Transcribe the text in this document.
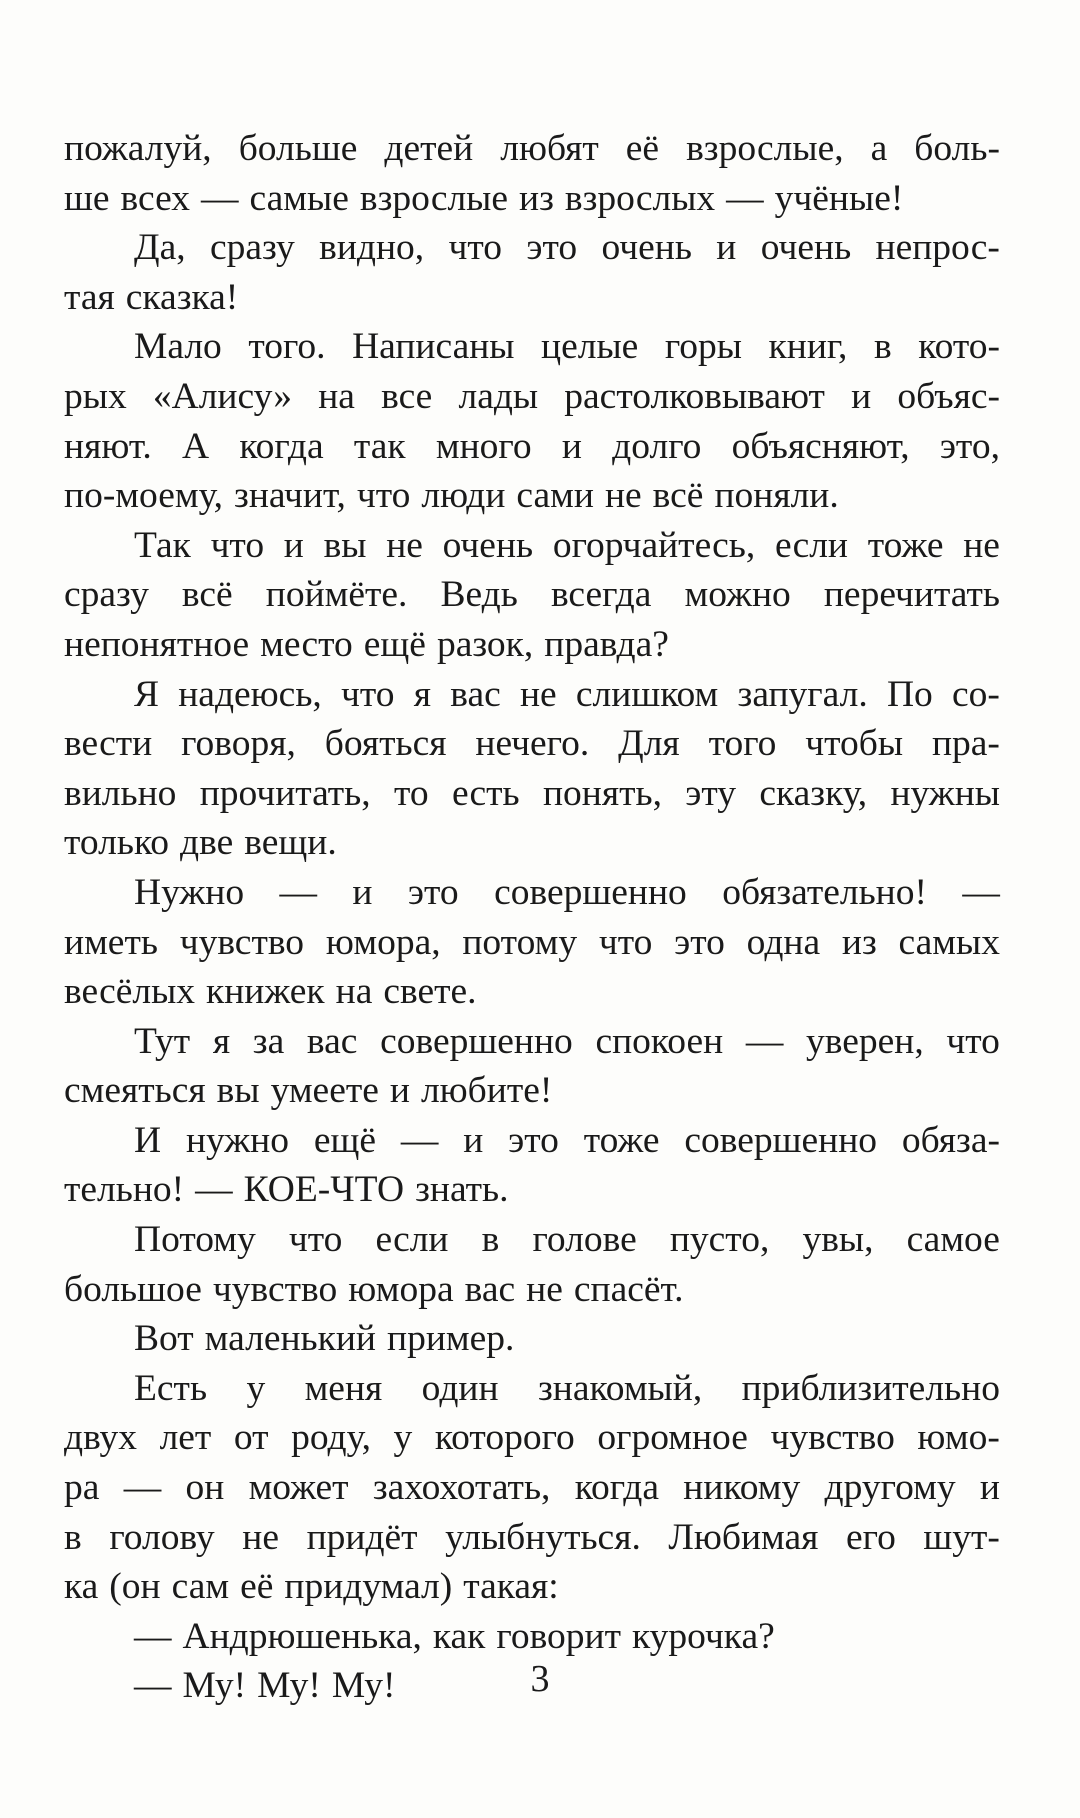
пожалуй, больше детей любят её взрослые, а боль-
ше всех — самые взрослые из взрослых — учёные!
Да, сразу видно, что это очень и очень непрос-
тая сказка!
Мало того. Написаны целые горы книг, в кото-
рых «Алису» на все лады растолковывают и объяс-
няют. А когда так много и долго объясняют, это,
по-моему, значит, что люди сами не всё поняли.
Так что и вы не очень огорчайтесь, если тоже не
сразу всё поймёте. Ведь всегда можно перечитать
непонятное место ещё разок, правда?
Я надеюсь, что я вас не слишком запугал. По со-
вести говоря, бояться нечего. Для того чтобы пра-
вильно прочитать, то есть понять, эту сказку, нужны
только две вещи.
Нужно — и это совершенно обязательно! —
иметь чувство юмора, потому что это одна из самых
весёлых книжек на свете.
Тут я за вас совершенно спокоен — уверен, что
смеяться вы умеете и любите!
И нужно ещё — и это тоже совершенно обяза-
тельно! — КОЕ-ЧТО знать.
Потому что если в голове пусто, увы, самое
большое чувство юмора вас не спасёт.
Вот маленький пример.
Есть у меня один знакомый, приблизительно
двух лет от роду, у которого огромное чувство юмо-
ра — он может захохотать, когда никому другому и
в голову не придёт улыбнуться. Любимая его шут-
ка (он сам её придумал) такая:
— Андрюшенька, как говорит курочка?
— Му! Му! Му!	3
